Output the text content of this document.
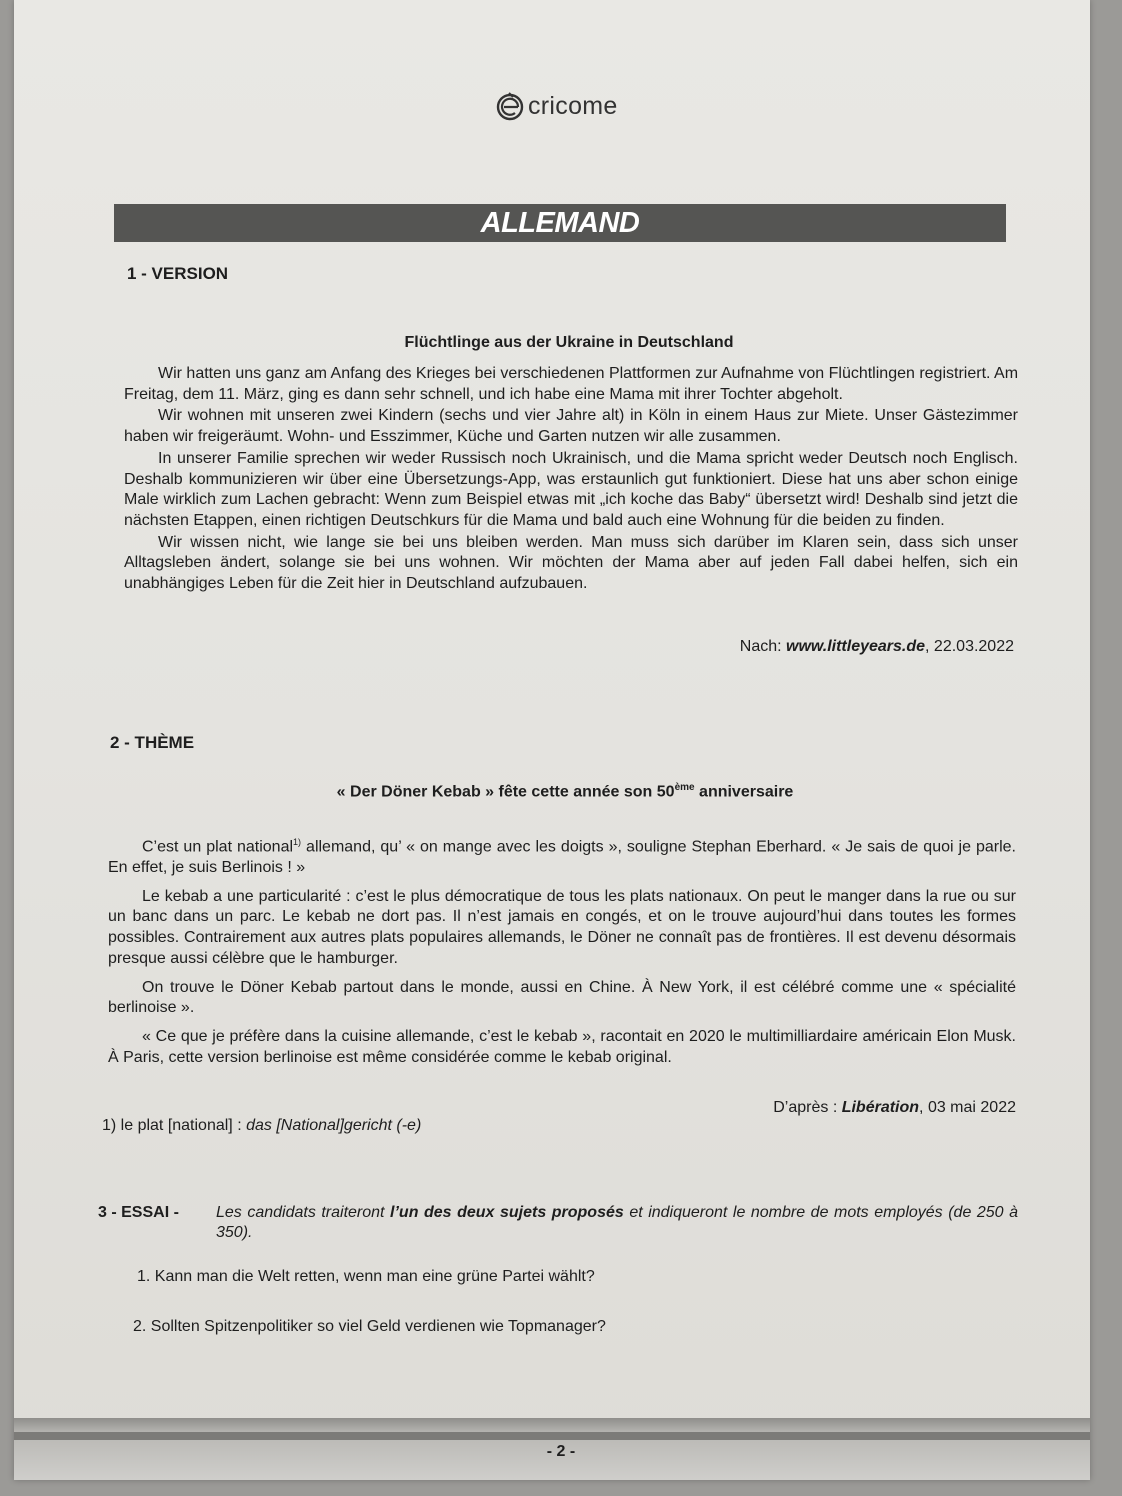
cricome
ALLEMAND
1 - VERSION
Flüchtlinge aus der Ukraine in Deutschland

Wir hatten uns ganz am Anfang des Krieges bei verschiedenen Plattformen zur Aufnahme von Flüchtlingen registriert. Am Freitag, dem 11. März, ging es dann sehr schnell, und ich habe eine Mama mit ihrer Tochter abgeholt.

Wir wohnen mit unseren zwei Kindern (sechs und vier Jahre alt) in Köln in einem Haus zur Miete. Unser Gästezimmer haben wir freigeräumt. Wohn- und Esszimmer, Küche und Garten nutzen wir alle zusammen.

In unserer Familie sprechen wir weder Russisch noch Ukrainisch, und die Mama spricht weder Deutsch noch Englisch. Deshalb kommunizieren wir über eine Übersetzungs-App, was erstaunlich gut funktioniert. Diese hat uns aber schon einige Male wirklich zum Lachen gebracht: Wenn zum Beispiel etwas mit „ich koche das Baby“ übersetzt wird! Deshalb sind jetzt die nächsten Etappen, einen richtigen Deutschkurs für die Mama und bald auch eine Wohnung für die beiden zu finden.

Wir wissen nicht, wie lange sie bei uns bleiben werden. Man muss sich darüber im Klaren sein, dass sich unser Alltagsleben ändert, solange sie bei uns wohnen. Wir möchten der Mama aber auf jeden Fall dabei helfen, sich ein unabhängiges Leben für die Zeit hier in Deutschland aufzubauen.

Nach: www.littleyears.de, 22.03.2022
2 - THÈME
« Der Döner Kebab » fête cette année son 50ème anniversaire

C’est un plat national$^{1)}$ allemand, qu’ « on mange avec les doigts », souligne Stephan Eberhard. « Je sais de quoi je parle. En effet, je suis Berlinois ! »

Le kebab a une particularité : c’est le plus démocratique de tous les plats nationaux. On peut le manger dans la rue ou sur un banc dans un parc. Le kebab ne dort pas. Il n’est jamais en congés, et on le trouve aujourd’hui dans toutes les formes possibles. Contrairement aux autres plats populaires allemands, le Döner ne connaît pas de frontières. Il est devenu désormais presque aussi célèbre que le hamburger.

On trouve le Döner Kebab partout dans le monde, aussi en Chine. À New York, il est célébré comme une « spécialité berlinoise ».

« Ce que je préfère dans la cuisine allemande, c’est le kebab », racontait en 2020 le multimilliardaire américain Elon Musk. À Paris, cette version berlinoise est même considérée comme le kebab original.

D’après : Libération, 03 mai 2022
1) le plat [national] : das [National]gericht (-e)
3 - ESSAI -	Les candidats traiteront l’un des deux sujets proposés et indiqueront le nombre de mots employés (de 250 à 350).
1. Kann man die Welt retten, wenn man eine grüne Partei wählt?
2. Sollten Spitzenpolitiker so viel Geld verdienen wie Topmanager?
- 2 -
